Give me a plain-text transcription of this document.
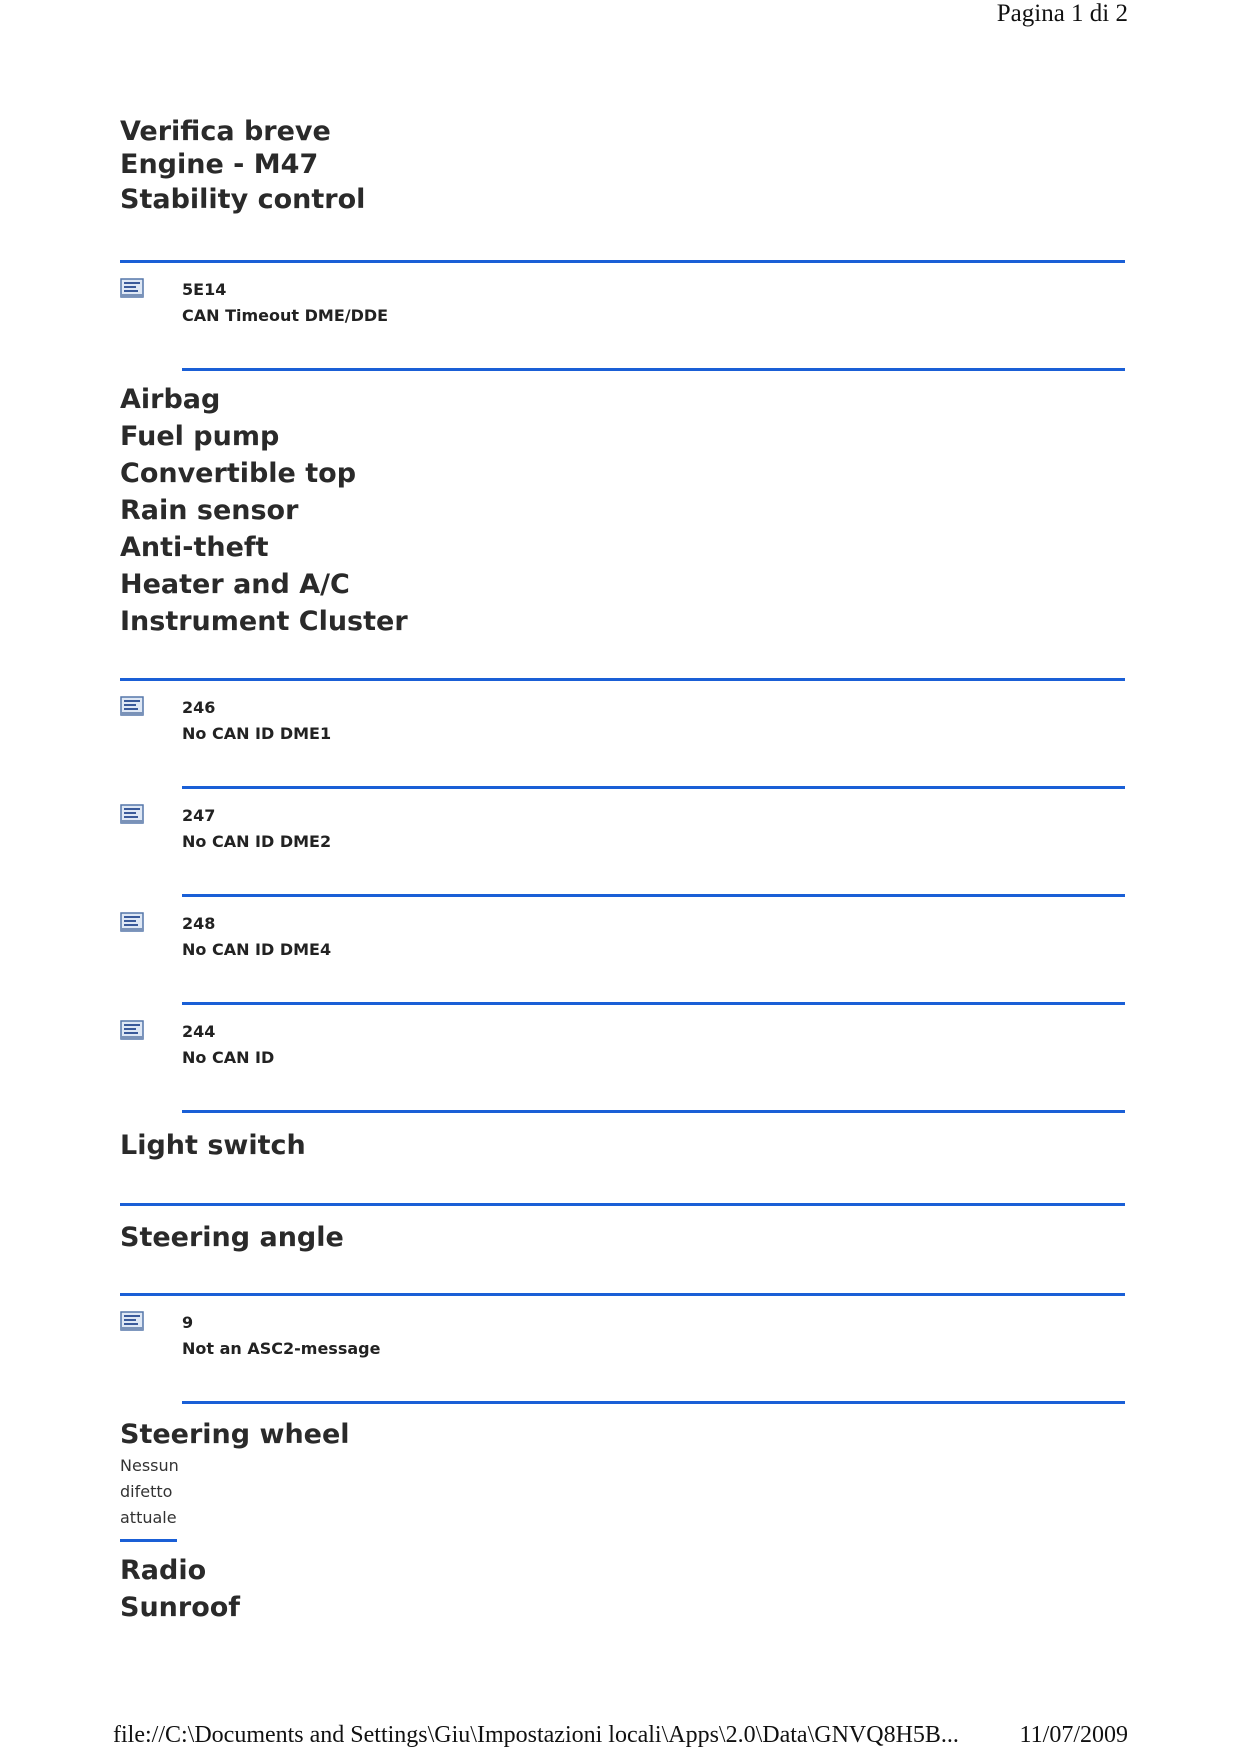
Pagina 1 di 2
Verifica breve
Engine - M47
Stability control
5E14
CAN Timeout DME/DDE
Airbag
Fuel pump
Convertible top
Rain sensor
Anti-theft
Heater and A/C
Instrument Cluster
246
No CAN ID DME1
247
No CAN ID DME2
248
No CAN ID DME4
244
No CAN ID
Light switch
Steering angle
9
Not an ASC2-message
Steering wheel
Nessun
difetto
attuale
Radio
Sunroof
file://C:\Documents and Settings\Giu\Impostazioni locali\Apps\2.0\Data\GNVQ8H5B...	11/07/2009
